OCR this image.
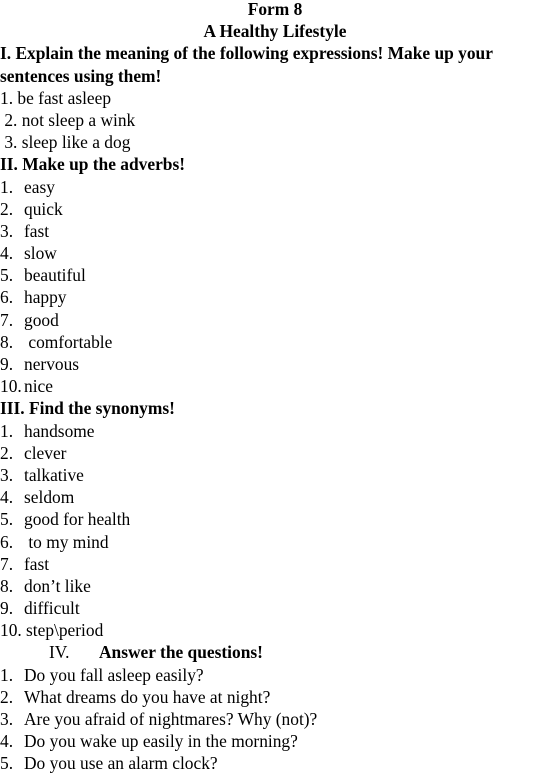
Form 8
A Healthy Lifestyle
I. Explain the meaning of the following expressions! Make up your
sentences using them!
1. be fast asleep
2. not sleep a wink
3. sleep like a dog
II. Make up the adverbs!
1. easy
2. quick
3. fast
4. slow
5. beautiful
6. happy
7. good
8. comfortable
9. nervous
10. nice
III. Find the synonyms!
1. handsome
2. clever
3. talkative
4. seldom
5. good for health
6. to my mind
7. fast
8. don’t like
9. difficult
10. step\period
IV. Answer the questions!
1. Do you fall asleep easily?
2. What dreams do you have at night?
3. Are you afraid of nightmares? Why (not)?
4. Do you wake up easily in the morning?
5. Do you use an alarm clock?
